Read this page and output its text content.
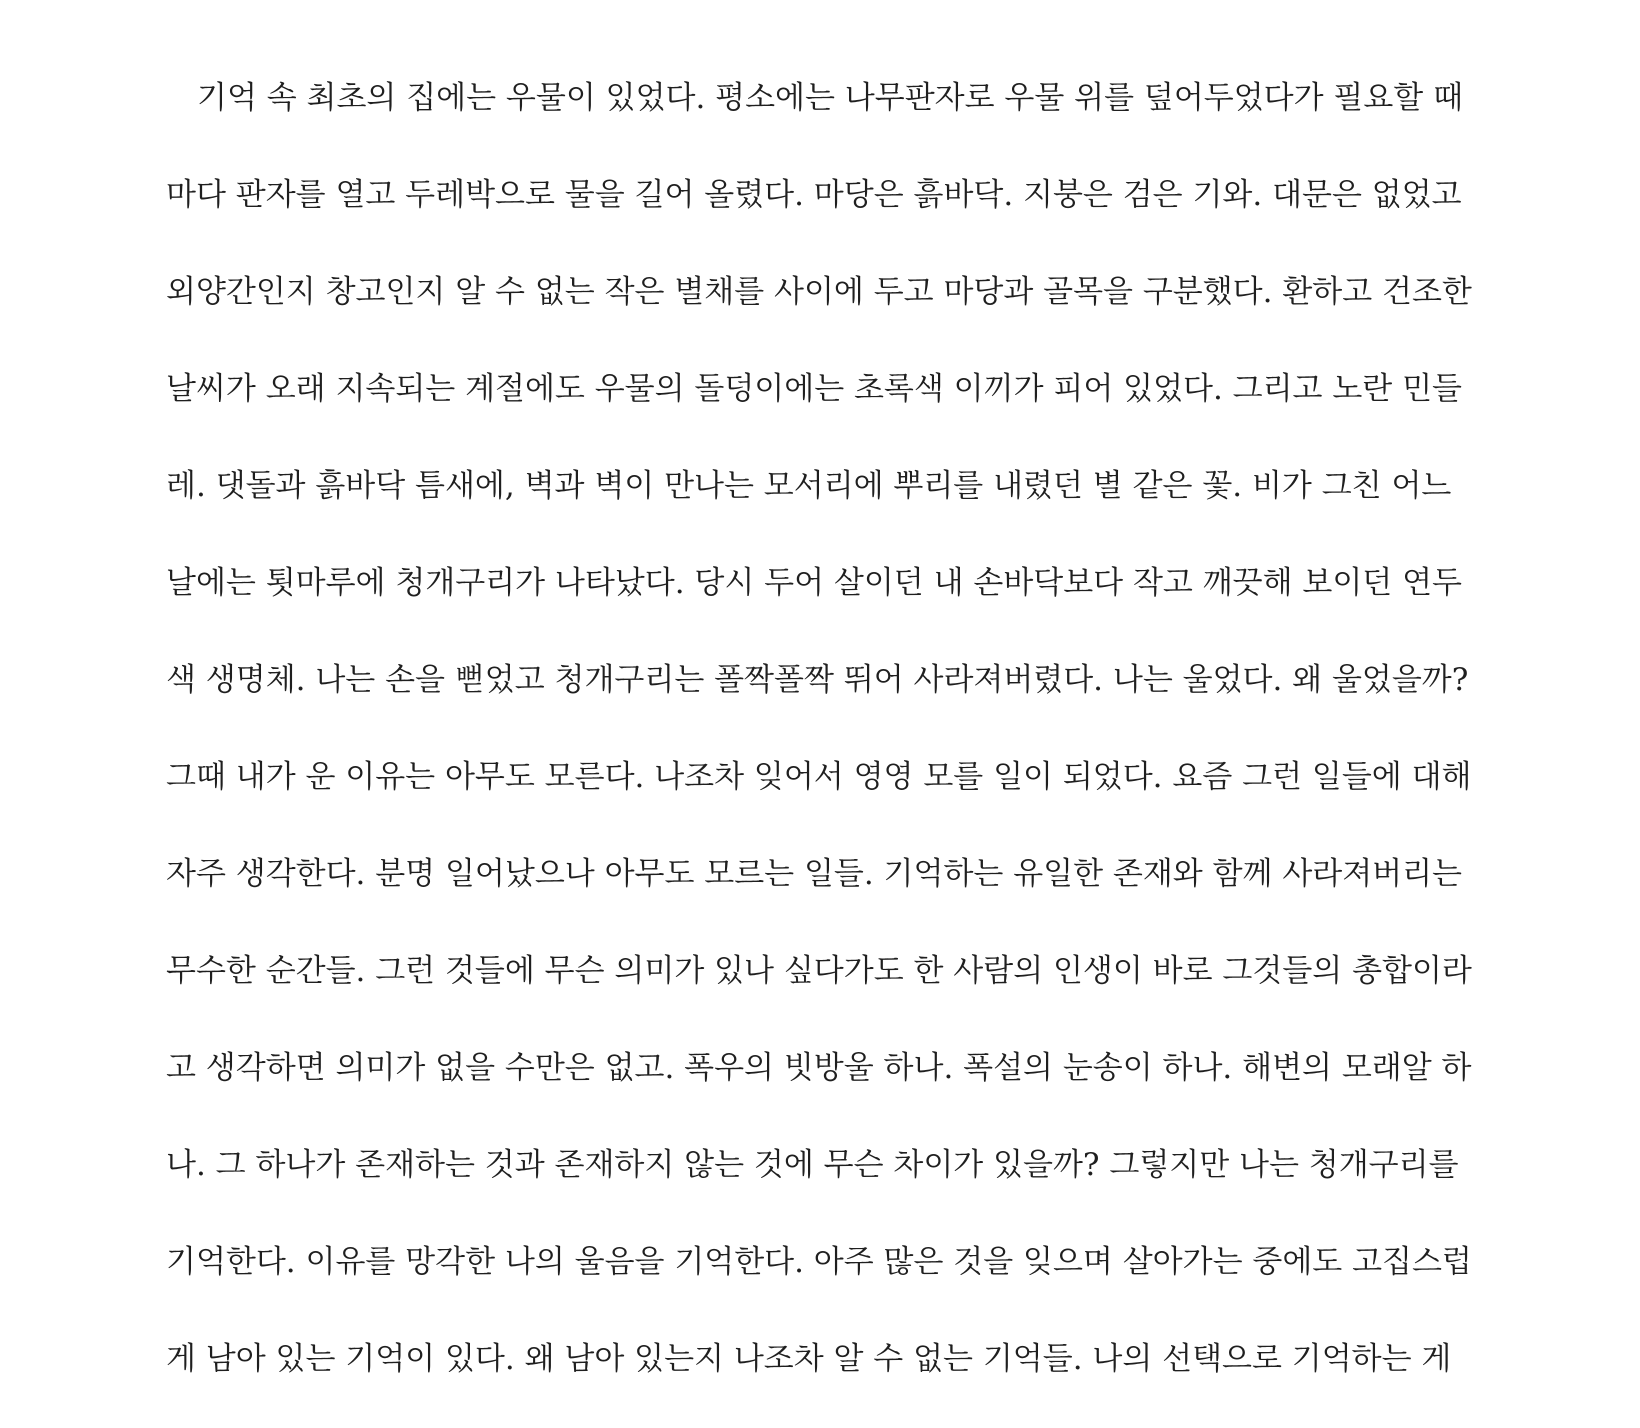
　기억 속 최초의 집에는 우물이 있었다. 평소에는 나무판자로 우물 위를 덮어두었다가 필요할 때
마다 판자를 열고 두레박으로 물을 길어 올렸다. 마당은 흙바닥. 지붕은 검은 기와. 대문은 없었고
외양간인지 창고인지 알 수 없는 작은 별채를 사이에 두고 마당과 골목을 구분했다. 환하고 건조한
날씨가 오래 지속되는 계절에도 우물의 돌덩이에는 초록색 이끼가 피어 있었다. 그리고 노란 민들
레. 댓돌과 흙바닥 틈새에, 벽과 벽이 만나는 모서리에 뿌리를 내렸던 별 같은 꽃. 비가 그친 어느
날에는 툇마루에 청개구리가 나타났다. 당시 두어 살이던 내 손바닥보다 작고 깨끗해 보이던 연두
색 생명체. 나는 손을 뻗었고 청개구리는 폴짝폴짝 뛰어 사라져버렸다. 나는 울었다. 왜 울었을까?
그때 내가 운 이유는 아무도 모른다. 나조차 잊어서 영영 모를 일이 되었다. 요즘 그런 일들에 대해
자주 생각한다. 분명 일어났으나 아무도 모르는 일들. 기억하는 유일한 존재와 함께 사라져버리는
무수한 순간들. 그런 것들에 무슨 의미가 있나 싶다가도 한 사람의 인생이 바로 그것들의 총합이라
고 생각하면 의미가 없을 수만은 없고. 폭우의 빗방울 하나. 폭설의 눈송이 하나. 해변의 모래알 하
나. 그 하나가 존재하는 것과 존재하지 않는 것에 무슨 차이가 있을까? 그렇지만 나는 청개구리를
기억한다. 이유를 망각한 나의 울음을 기억한다. 아주 많은 것을 잊으며 살아가는 중에도 고집스럽
게 남아 있는 기억이 있다. 왜 남아 있는지 나조차 알 수 없는 기억들. 나의 선택으로 기억하는 게
